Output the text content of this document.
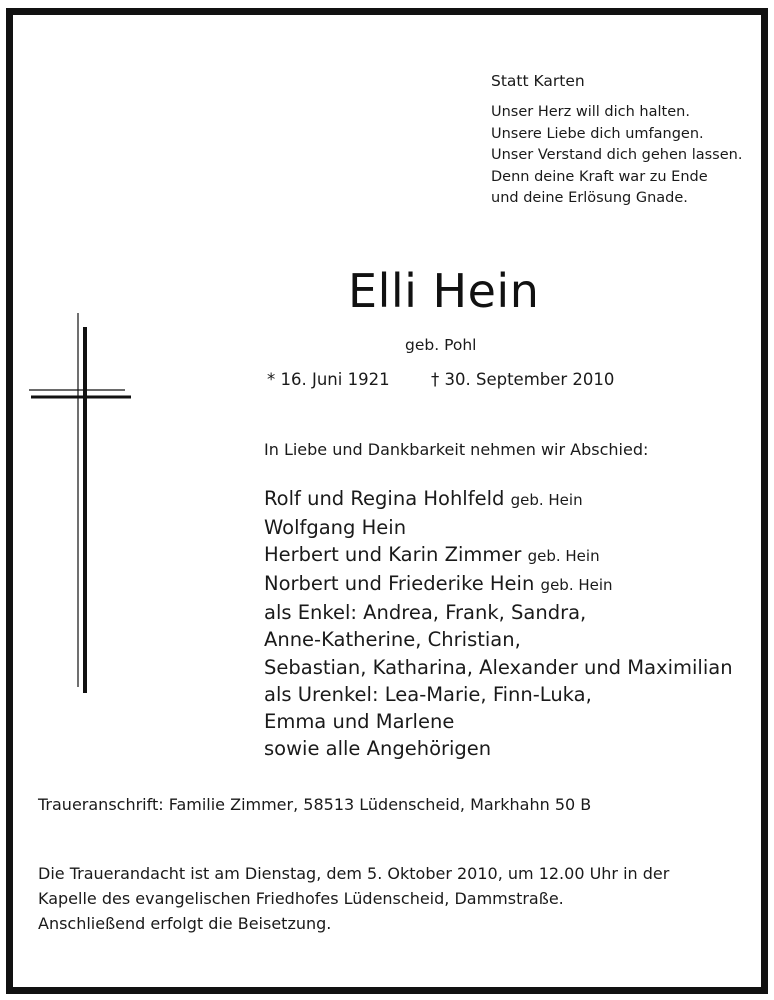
Statt Karten
Unser Herz will dich halten.
Unsere Liebe dich umfangen.
Unser Verstand dich gehen lassen.
Denn deine Kraft war zu Ende
und deine Erlösung Gnade.
Elli Hein
geb. Pohl
* 16. Juni 1921	† 30. September 2010
In Liebe und Dankbarkeit nehmen wir Abschied:
Rolf und Regina Hohlfeld geb. Hein
Wolfgang Hein
Herbert und Karin Zimmer geb. Hein
Norbert und Friederike Hein geb. Hein
als Enkel: Andrea, Frank, Sandra,
Anne-Katherine, Christian,
Sebastian, Katharina, Alexander und Maximilian
als Urenkel: Lea-Marie, Finn-Luka,
Emma und Marlene
sowie alle Angehörigen
Traueranschrift: Familie Zimmer, 58513 Lüdenscheid, Markhahn 50 B
Die Trauerandacht ist am Dienstag, dem 5. Oktober 2010, um 12.00 Uhr in der
Kapelle des evangelischen Friedhofes Lüdenscheid, Dammstraße.
Anschließend erfolgt die Beisetzung.
